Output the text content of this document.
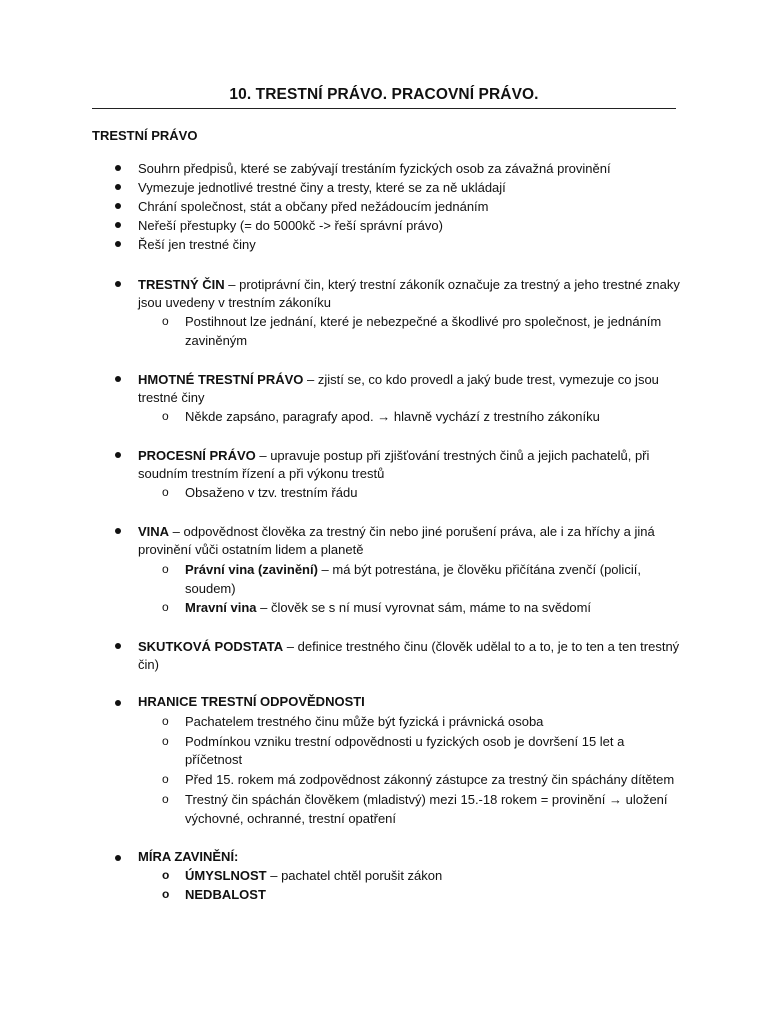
10. TRESTNÍ PRÁVO. PRACOVNÍ PRÁVO.
TRESTNÍ PRÁVO
Souhrn předpisů, které se zabývají trestáním fyzických osob za závažná provinění
Vymezuje jednotlivé trestné činy a tresty, které se za ně ukládají
Chrání společnost, stát a občany před nežádoucím jednáním
Neřeší přestupky (= do 5000kč -> řeší správní právo)
Řeší jen trestné činy
TRESTNÝ ČIN – protiprávní čin, který trestní zákoník označuje za trestný a jeho trestné znaky
jsou uvedeny v trestním zákoníku
o Postihnout lze jednání, které je nebezpečné a škodlivé pro společnost, je jednáním
zaviněným
HMOTNÉ TRESTNÍ PRÁVO – zjistí se, co kdo provedl a jaký bude trest, vymezuje co jsou
trestné činy
o Někde zapsáno, paragrafy apod. → hlavně vychází z trestního zákoníku
PROCESNÍ PRÁVO – upravuje postup při zjišťování trestných činů a jejich pachatelů, při
soudním trestním řízení a při výkonu trestů
o Obsaženo v tzv. trestním řádu
VINA – odpovědnost člověka za trestný čin nebo jiné porušení práva, ale i za hříchy a jiná
provinění vůči ostatním lidem a planetě
o Právní vina (zavinění) – má být potrestána, je člověku přičítána zvenčí (policií,
soudem)
o Mravní vina – člověk se s ní musí vyrovnat sám, máme to na svědomí
SKUTKOVÁ PODSTATA – definice trestného činu (člověk udělal to a to, je to ten a ten trestný
čin)
HRANICE TRESTNÍ ODPOVĚDNOSTI
o Pachatelem trestného činu může být fyzická i právnická osoba
o Podmínkou vzniku trestní odpovědnosti u fyzických osob je dovršení 15 let a
příčetnost
o Před 15. rokem má zodpovědnost zákonný zástupce za trestný čin spáchány dítětem
o Trestný čin spáchán člověkem (mladistvý) mezi 15.-18 rokem = provinění → uložení
výchovné, ochranné, trestní opatření
MÍRA ZAVINĚNÍ:
o ÚMYSLNOST – pachatel chtěl porušit zákon
o NEDBALOST
